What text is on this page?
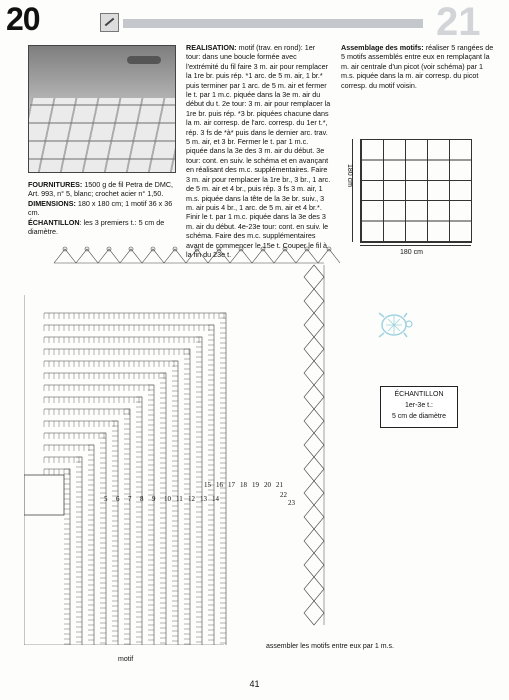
20	21
FOURNITURES: 1500 g de fil Petra de DMC, Art. 993, n° 5, blanc; crochet acier n° 1,50.
DIMENSIONS: 180 x 180 cm; 1 motif 36 x 36 cm.
ÉCHANTILLON: les 3 premiers t.: 5 cm de diamètre.
REALISATION: motif (trav. en rond): 1er tour: dans une boucle formée avec l'extrémité du fil faire 3 m. air pour remplacer la 1re br. puis rép. *1 arc. de 5 m. air, 1 br.* puis terminer par 1 arc. de 5 m. air et fermer le t. par 1 m.c. piquée dans la 3e m. air du début du t. 2e tour: 3 m. air pour remplacer la 1re br. puis rép. *3 br. piquées chacune dans la m. air corresp. de l'arc. corresp. du 1er t.*, rép. 3 fs de *à* puis dans le dernier arc. trav. 5 m. air, et 3 br. Fermer le t. par 1 m.c. piquée dans la 3e des 3 m. air du début. 3e tour: cont. en suiv. le schéma et en avançant en réalisant des m.c. supplémentaires. Faire 3 m. air pour remplacer la 1re br., 3 br., 1 arc. de 5 m. air et 4 br., puis rép. 3 fs 3 m. air, 1 m.s. piquée dans la tête de la 3e br. suiv., 3 m. air puis 4 br., 1 arc. de 5 m. air et 4 br.*. Finir le t. par 1 m.c. piquée dans la 3e des 3 m. air du début. 4e-23e tour: cont. en suiv. le schéma. Faire des m.c. supplémentaires avant de commencer le 15e t. Couper le fil à la fin du 23e t.
Assemblage des motifs: réaliser 5 rangées de 5 motifs assemblés entre eux en remplaçant la m. air centrale d'un picot (voir schéma) par 1 m.s. piquée dans la m. air corresp. du picot corresp. du motif voisin.
180 cm
180 cm
ÉCHANTILLON
1er-3e t.:
5 cm de diamètre
15 16 17 18 19 20 21
22
23
5 6 7 8 9 10 11 12 13 14
assembler les motifs entre eux par 1 m.s.
motif
41
